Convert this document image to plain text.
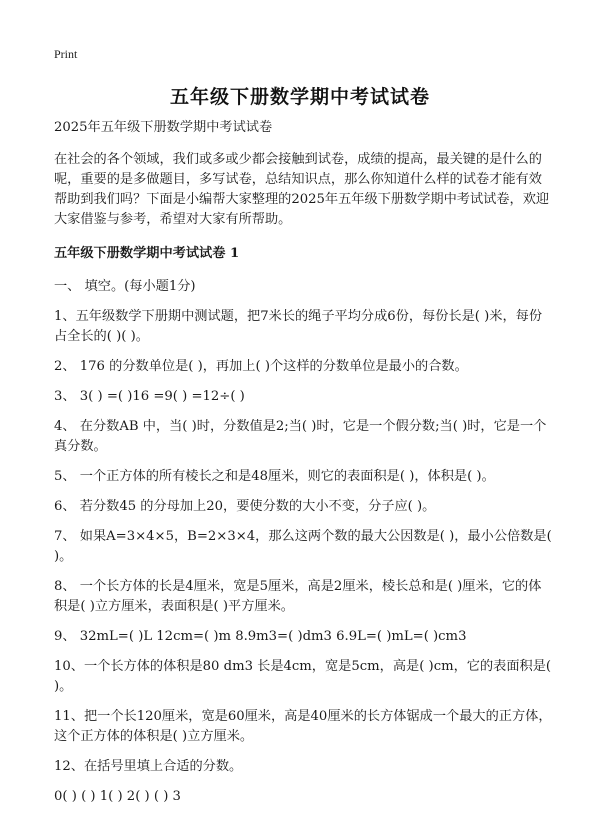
Print
五年级下册数学期中考试试卷

2025年五年级下册数学期中考试试卷

在社会的各个领域，我们或多或少都会接触到试卷，成绩的提高，最关键的是什么的呢，重要的是多做题目，多写试卷，总结知识点，那么你知道什么样的试卷才能有效帮助到我们吗？下面是小编帮大家整理的2025年五年级下册数学期中考试试卷，欢迎大家借鉴与参考，希望对大家有所帮助。

五年级下册数学期中考试试卷 1

一、 填空。(每小题1分)

1、五年级数学下册期中测试题，把7米长的绳子平均分成6份，每份长是( )米，每份占全长的( )( )。

2、 176 的分数单位是( )，再加上( )个这样的分数单位是最小的合数。

3、 3( ) =( )16 =9( ) =12÷( )

4、 在分数AB 中，当( )时，分数值是2;当( )时，它是一个假分数;当( )时，它是一个真分数。

5、 一个正方体的所有棱长之和是48厘米，则它的表面积是( )，体积是( )。

6、 若分数45 的分母加上20，要使分数的大小不变，分子应( )。

7、 如果A=3×4×5，B=2×3×4，那么这两个数的最大公因数是( )，最小公倍数是( )。

8、 一个长方体的长是4厘米，宽是5厘米，高是2厘米，棱长总和是( )厘米，它的体积是( )立方厘米，表面积是( )平方厘米。

9、 32mL=( )L 12cm=( )m 8.9m3=( )dm3 6.9L=( )mL=( )cm3

10、一个长方体的体积是80 dm3 长是4cm，宽是5cm，高是( )cm，它的表面积是( )。

11、把一个长120厘米，宽是60厘米，高是40厘米的长方体锯成一个最大的正方体，这个正方体的体积是( )立方厘米。

12、在括号里填上合适的分数。

0( ) ( ) 1( ) 2( ) ( ) 3
